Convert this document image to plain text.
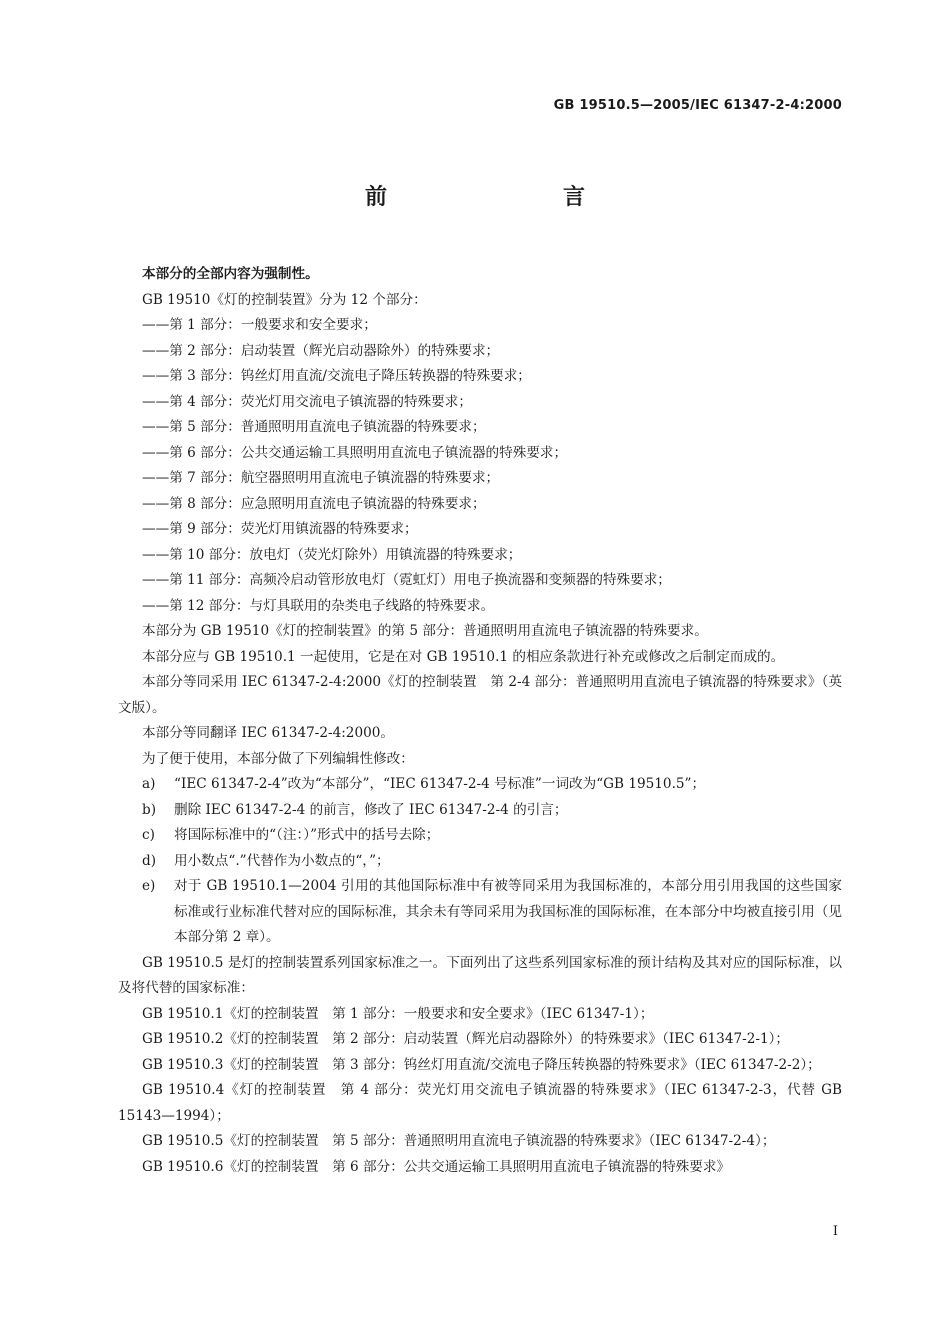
GB 19510.5—2005/IEC 61347-2-4:2000
前　　言

本部分的全部内容为强制性。

GB 19510《灯的控制装置》分为 12 个部分：

——第 1 部分：一般要求和安全要求；

——第 2 部分：启动装置（辉光启动器除外）的特殊要求；

——第 3 部分：钨丝灯用直流/交流电子降压转换器的特殊要求；

——第 4 部分：荧光灯用交流电子镇流器的特殊要求；

——第 5 部分：普通照明用直流电子镇流器的特殊要求；

——第 6 部分：公共交通运输工具照明用直流电子镇流器的特殊要求；

——第 7 部分：航空器照明用直流电子镇流器的特殊要求；

——第 8 部分：应急照明用直流电子镇流器的特殊要求；

——第 9 部分：荧光灯用镇流器的特殊要求；

——第 10 部分：放电灯（荧光灯除外）用镇流器的特殊要求；

——第 11 部分：高频冷启动管形放电灯（霓虹灯）用电子换流器和变频器的特殊要求；

——第 12 部分：与灯具联用的杂类电子线路的特殊要求。

本部分为 GB 19510《灯的控制装置》的第 5 部分：普通照明用直流电子镇流器的特殊要求。

本部分应与 GB 19510.1 一起使用，它是在对 GB 19510.1 的相应条款进行补充或修改之后制定而成的。

本部分等同采用 IEC 61347-2-4:2000《灯的控制装置　第 2-4 部分：普通照明用直流电子镇流器的特殊要求》（英文版）。

本部分等同翻译 IEC 61347-2-4:2000。

为了便于使用，本部分做了下列编辑性修改：

a)	“IEC 61347-2-4”改为“本部分”，“IEC 61347-2-4 号标准”一词改为“GB 19510.5”；
b)	删除 IEC 61347-2-4 的前言，修改了 IEC 61347-2-4 的引言；
c)	将国际标准中的“（注：）”形式中的括号去除；
d)	用小数点“.”代替作为小数点的“，”；
e)	对于 GB 19510.1—2004 引用的其他国际标准中有被等同采用为我国标准的，本部分用引用我国的这些国家标准或行业标准代替对应的国际标准，其余未有等同采用为我国标准的国际标准，在本部分中均被直接引用（见本部分第 2 章）。

GB 19510.5 是灯的控制装置系列国家标准之一。下面列出了这些系列国家标准的预计结构及其对应的国际标准，以及将代替的国家标准：

GB 19510.1《灯的控制装置　第 1 部分：一般要求和安全要求》（IEC 61347-1）；

GB 19510.2《灯的控制装置　第 2 部分：启动装置（辉光启动器除外）的特殊要求》（IEC 61347-2-1）；

GB 19510.3《灯的控制装置　第 3 部分：钨丝灯用直流/交流电子降压转换器的特殊要求》（IEC 61347-2-2）；

GB 19510.4《灯的控制装置　第 4 部分：荧光灯用交流电子镇流器的特殊要求》（IEC 61347-2-3，代替 GB 15143—1994）；

GB 19510.5《灯的控制装置　第 5 部分：普通照明用直流电子镇流器的特殊要求》（IEC 61347-2-4）；

GB 19510.6《灯的控制装置　第 6 部分：公共交通运输工具照明用直流电子镇流器的特殊要求》

I
